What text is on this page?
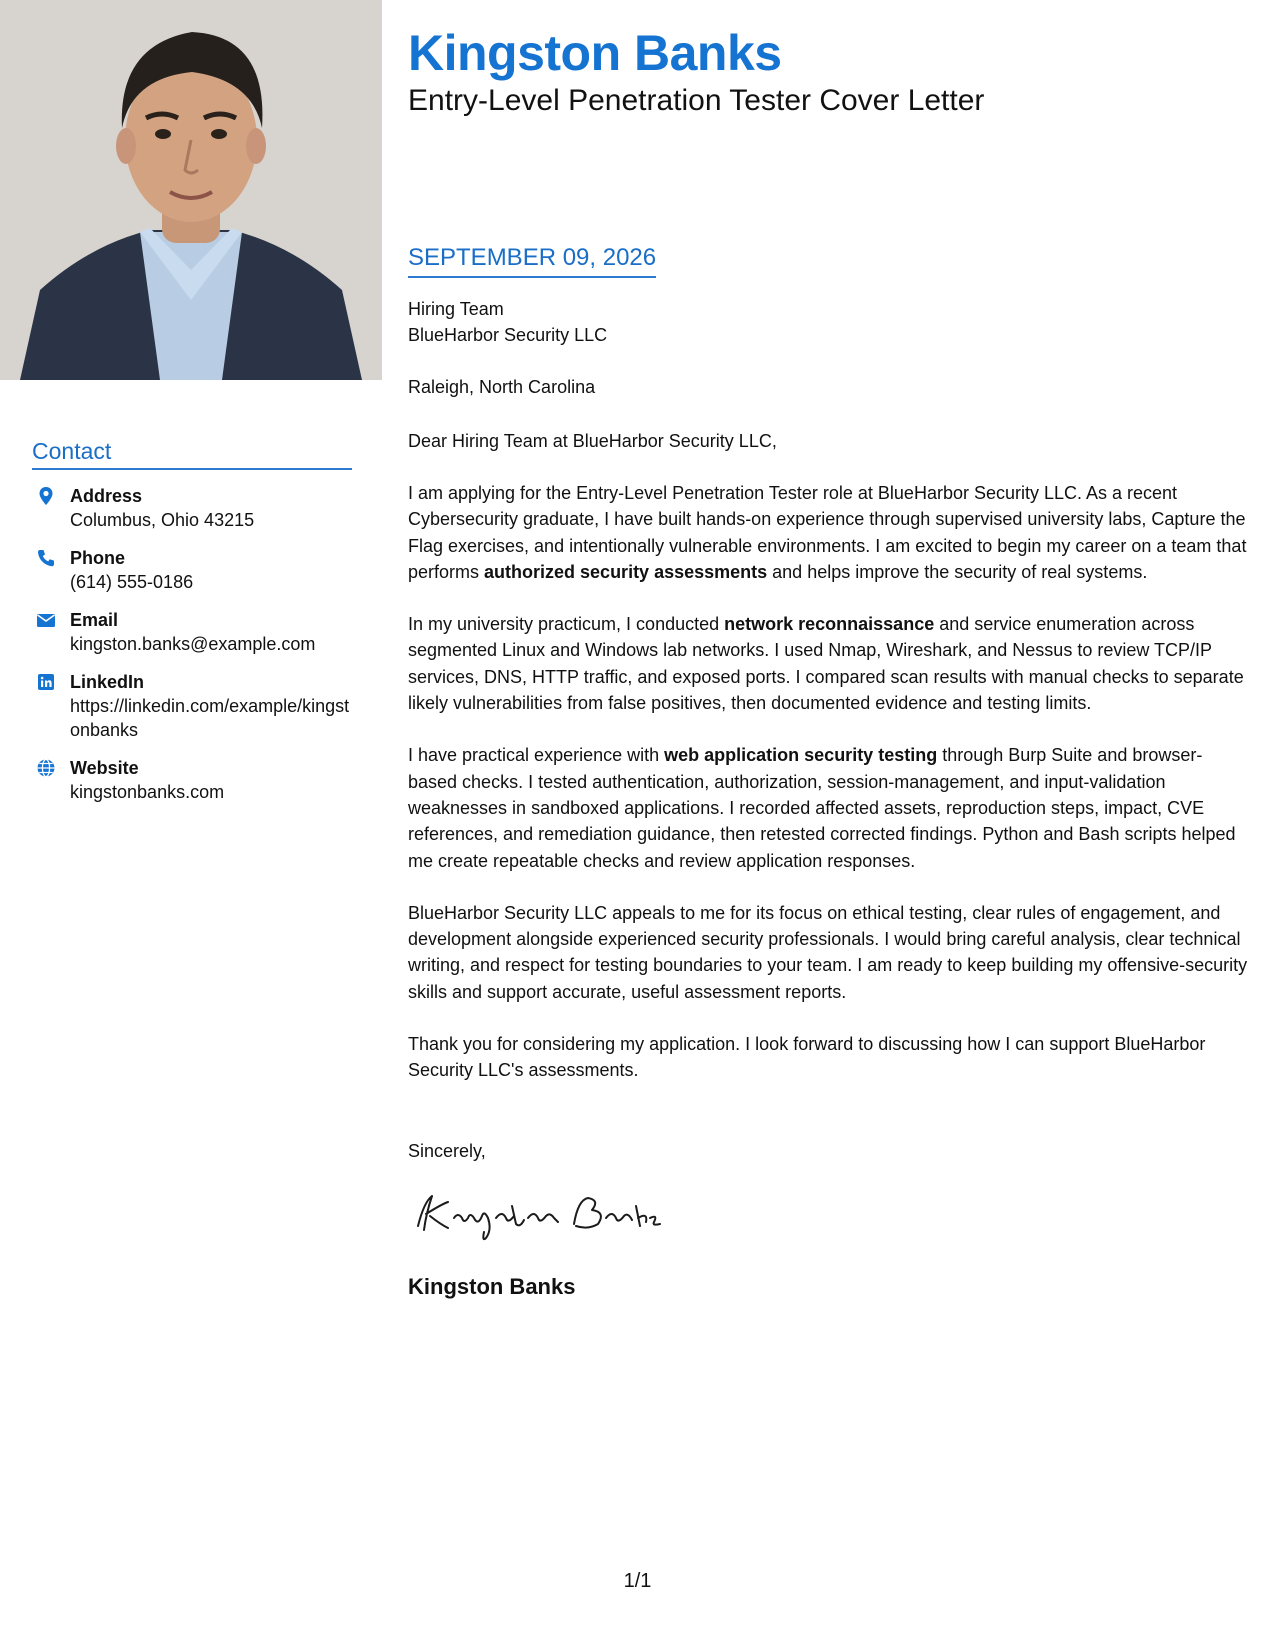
Contact
Address
Columbus, Ohio 43215
Phone
(614) 555-0186
Email
kingston.banks@example.com
LinkedIn
https://linkedin.com/example/kingstonbanks
Website
kingstonbanks.com
Kingston Banks
Entry-Level Penetration Tester Cover Letter
SEPTEMBER 09, 2026
Hiring Team
BlueHarbor Security LLC
Raleigh, North Carolina
Dear Hiring Team at BlueHarbor Security LLC,

I am applying for the Entry-Level Penetration Tester role at BlueHarbor Security LLC. As a recent Cybersecurity graduate, I have built hands-on experience through supervised university labs, Capture the Flag exercises, and intentionally vulnerable environments. I am excited to begin my career on a team that performs authorized security assessments and helps improve the security of real systems.

In my university practicum, I conducted network reconnaissance and service enumeration across segmented Linux and Windows lab networks. I used Nmap, Wireshark, and Nessus to review TCP/IP services, DNS, HTTP traffic, and exposed ports. I compared scan results with manual checks to separate likely vulnerabilities from false positives, then documented evidence and testing limits.

I have practical experience with web application security testing through Burp Suite and browser-based checks. I tested authentication, authorization, session-management, and input-validation weaknesses in sandboxed applications. I recorded affected assets, reproduction steps, impact, CVE references, and remediation guidance, then retested corrected findings. Python and Bash scripts helped me create repeatable checks and review application responses.

BlueHarbor Security LLC appeals to me for its focus on ethical testing, clear rules of engagement, and development alongside experienced security professionals. I would bring careful analysis, clear technical writing, and respect for testing boundaries to your team. I am ready to keep building my offensive-security skills and support accurate, useful assessment reports.

Thank you for considering my application. I look forward to discussing how I can support BlueHarbor Security LLC's assessments.

Sincerely,
Kingston Banks
1/1
